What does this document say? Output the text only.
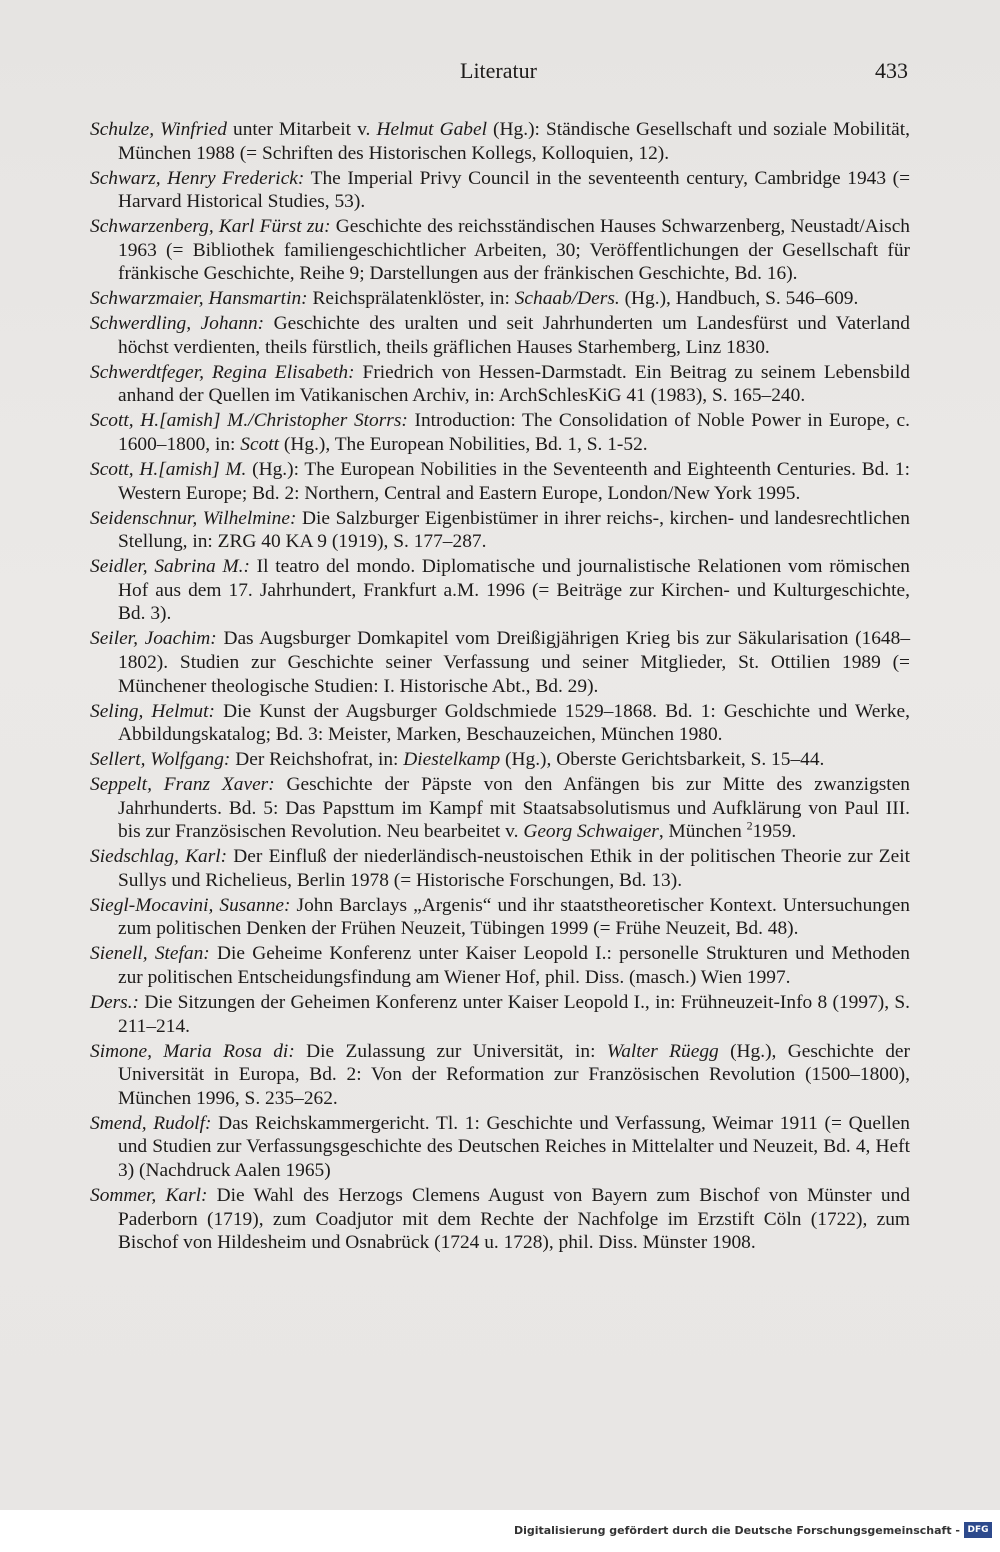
Literatur	433

Schulze, Winfried unter Mitarbeit v. Helmut Gabel (Hg.): Ständische Gesellschaft und soziale Mobilität, München 1988 (= Schriften des Historischen Kollegs, Kolloquien, 12).

Schwarz, Henry Frederick: The Imperial Privy Council in the seventeenth century, Cambridge 1943 (= Harvard Historical Studies, 53).

Schwarzenberg, Karl Fürst zu: Geschichte des reichsständischen Hauses Schwarzenberg, Neustadt/Aisch 1963 (= Bibliothek familiengeschichtlicher Arbeiten, 30; Veröffentlichungen der Gesellschaft für fränkische Geschichte, Reihe 9; Darstellungen aus der fränkischen Geschichte, Bd. 16).

Schwarzmaier, Hansmartin: Reichsprälatenklöster, in: Schaab/Ders. (Hg.), Handbuch, S. 546–609.

Schwerdling, Johann: Geschichte des uralten und seit Jahrhunderten um Landesfürst und Vaterland höchst verdienten, theils fürstlich, theils gräflichen Hauses Starhemberg, Linz 1830.

Schwerdtfeger, Regina Elisabeth: Friedrich von Hessen-Darmstadt. Ein Beitrag zu seinem Lebensbild anhand der Quellen im Vatikanischen Archiv, in: ArchSchlesKiG 41 (1983), S. 165–240.

Scott, H.[amish] M./Christopher Storrs: Introduction: The Consolidation of Noble Power in Europe, c. 1600–1800, in: Scott (Hg.), The European Nobilities, Bd. 1, S. 1-52.

Scott, H.[amish] M. (Hg.): The European Nobilities in the Seventeenth and Eighteenth Centuries. Bd. 1: Western Europe; Bd. 2: Northern, Central and Eastern Europe, London/New York 1995.

Seidenschnur, Wilhelmine: Die Salzburger Eigenbistümer in ihrer reichs-, kirchen- und landesrechtlichen Stellung, in: ZRG 40 KA 9 (1919), S. 177–287.

Seidler, Sabrina M.: Il teatro del mondo. Diplomatische und journalistische Relationen vom römischen Hof aus dem 17. Jahrhundert, Frankfurt a.M. 1996 (= Beiträge zur Kirchen- und Kulturgeschichte, Bd. 3).

Seiler, Joachim: Das Augsburger Domkapitel vom Dreißigjährigen Krieg bis zur Säkularisation (1648–1802). Studien zur Geschichte seiner Verfassung und seiner Mitglieder, St. Ottilien 1989 (= Münchener theologische Studien: I. Historische Abt., Bd. 29).

Seling, Helmut: Die Kunst der Augsburger Goldschmiede 1529–1868. Bd. 1: Geschichte und Werke, Abbildungskatalog; Bd. 3: Meister, Marken, Beschauzeichen, München 1980.

Sellert, Wolfgang: Der Reichshofrat, in: Diestelkamp (Hg.), Oberste Gerichtsbarkeit, S. 15–44.

Seppelt, Franz Xaver: Geschichte der Päpste von den Anfängen bis zur Mitte des zwanzigsten Jahrhunderts. Bd. 5: Das Papsttum im Kampf mit Staatsabsolutismus und Aufklärung von Paul III. bis zur Französischen Revolution. Neu bearbeitet v. Georg Schwaiger, München $^2$1959.

Siedschlag, Karl: Der Einfluß der niederländisch-neustoischen Ethik in der politischen Theorie zur Zeit Sullys und Richelieus, Berlin 1978 (= Historische Forschungen, Bd. 13).

Siegl-Mocavini, Susanne: John Barclays „Argenis“ und ihr staatstheoretischer Kontext. Untersuchungen zum politischen Denken der Frühen Neuzeit, Tübingen 1999 (= Frühe Neuzeit, Bd. 48).

Sienell, Stefan: Die Geheime Konferenz unter Kaiser Leopold I.: personelle Strukturen und Methoden zur politischen Entscheidungsfindung am Wiener Hof, phil. Diss. (masch.) Wien 1997.

Ders.: Die Sitzungen der Geheimen Konferenz unter Kaiser Leopold I., in: Frühneuzeit-Info 8 (1997), S. 211–214.

Simone, Maria Rosa di: Die Zulassung zur Universität, in: Walter Rüegg (Hg.), Geschichte der Universität in Europa, Bd. 2: Von der Reformation zur Französischen Revolution (1500–1800), München 1996, S. 235–262.

Smend, Rudolf: Das Reichskammergericht. Tl. 1: Geschichte und Verfassung, Weimar 1911 (= Quellen und Studien zur Verfassungsgeschichte des Deutschen Reiches in Mittelalter und Neuzeit, Bd. 4, Heft 3) (Nachdruck Aalen 1965)

Sommer, Karl: Die Wahl des Herzogs Clemens August von Bayern zum Bischof von Münster und Paderborn (1719), zum Coadjutor mit dem Rechte der Nachfolge im Erzstift Cöln (1722), zum Bischof von Hildesheim und Osnabrück (1724 u. 1728), phil. Diss. Münster 1908.

Digitalisierung gefördert durch die Deutsche Forschungsgemeinschaft - DFG
